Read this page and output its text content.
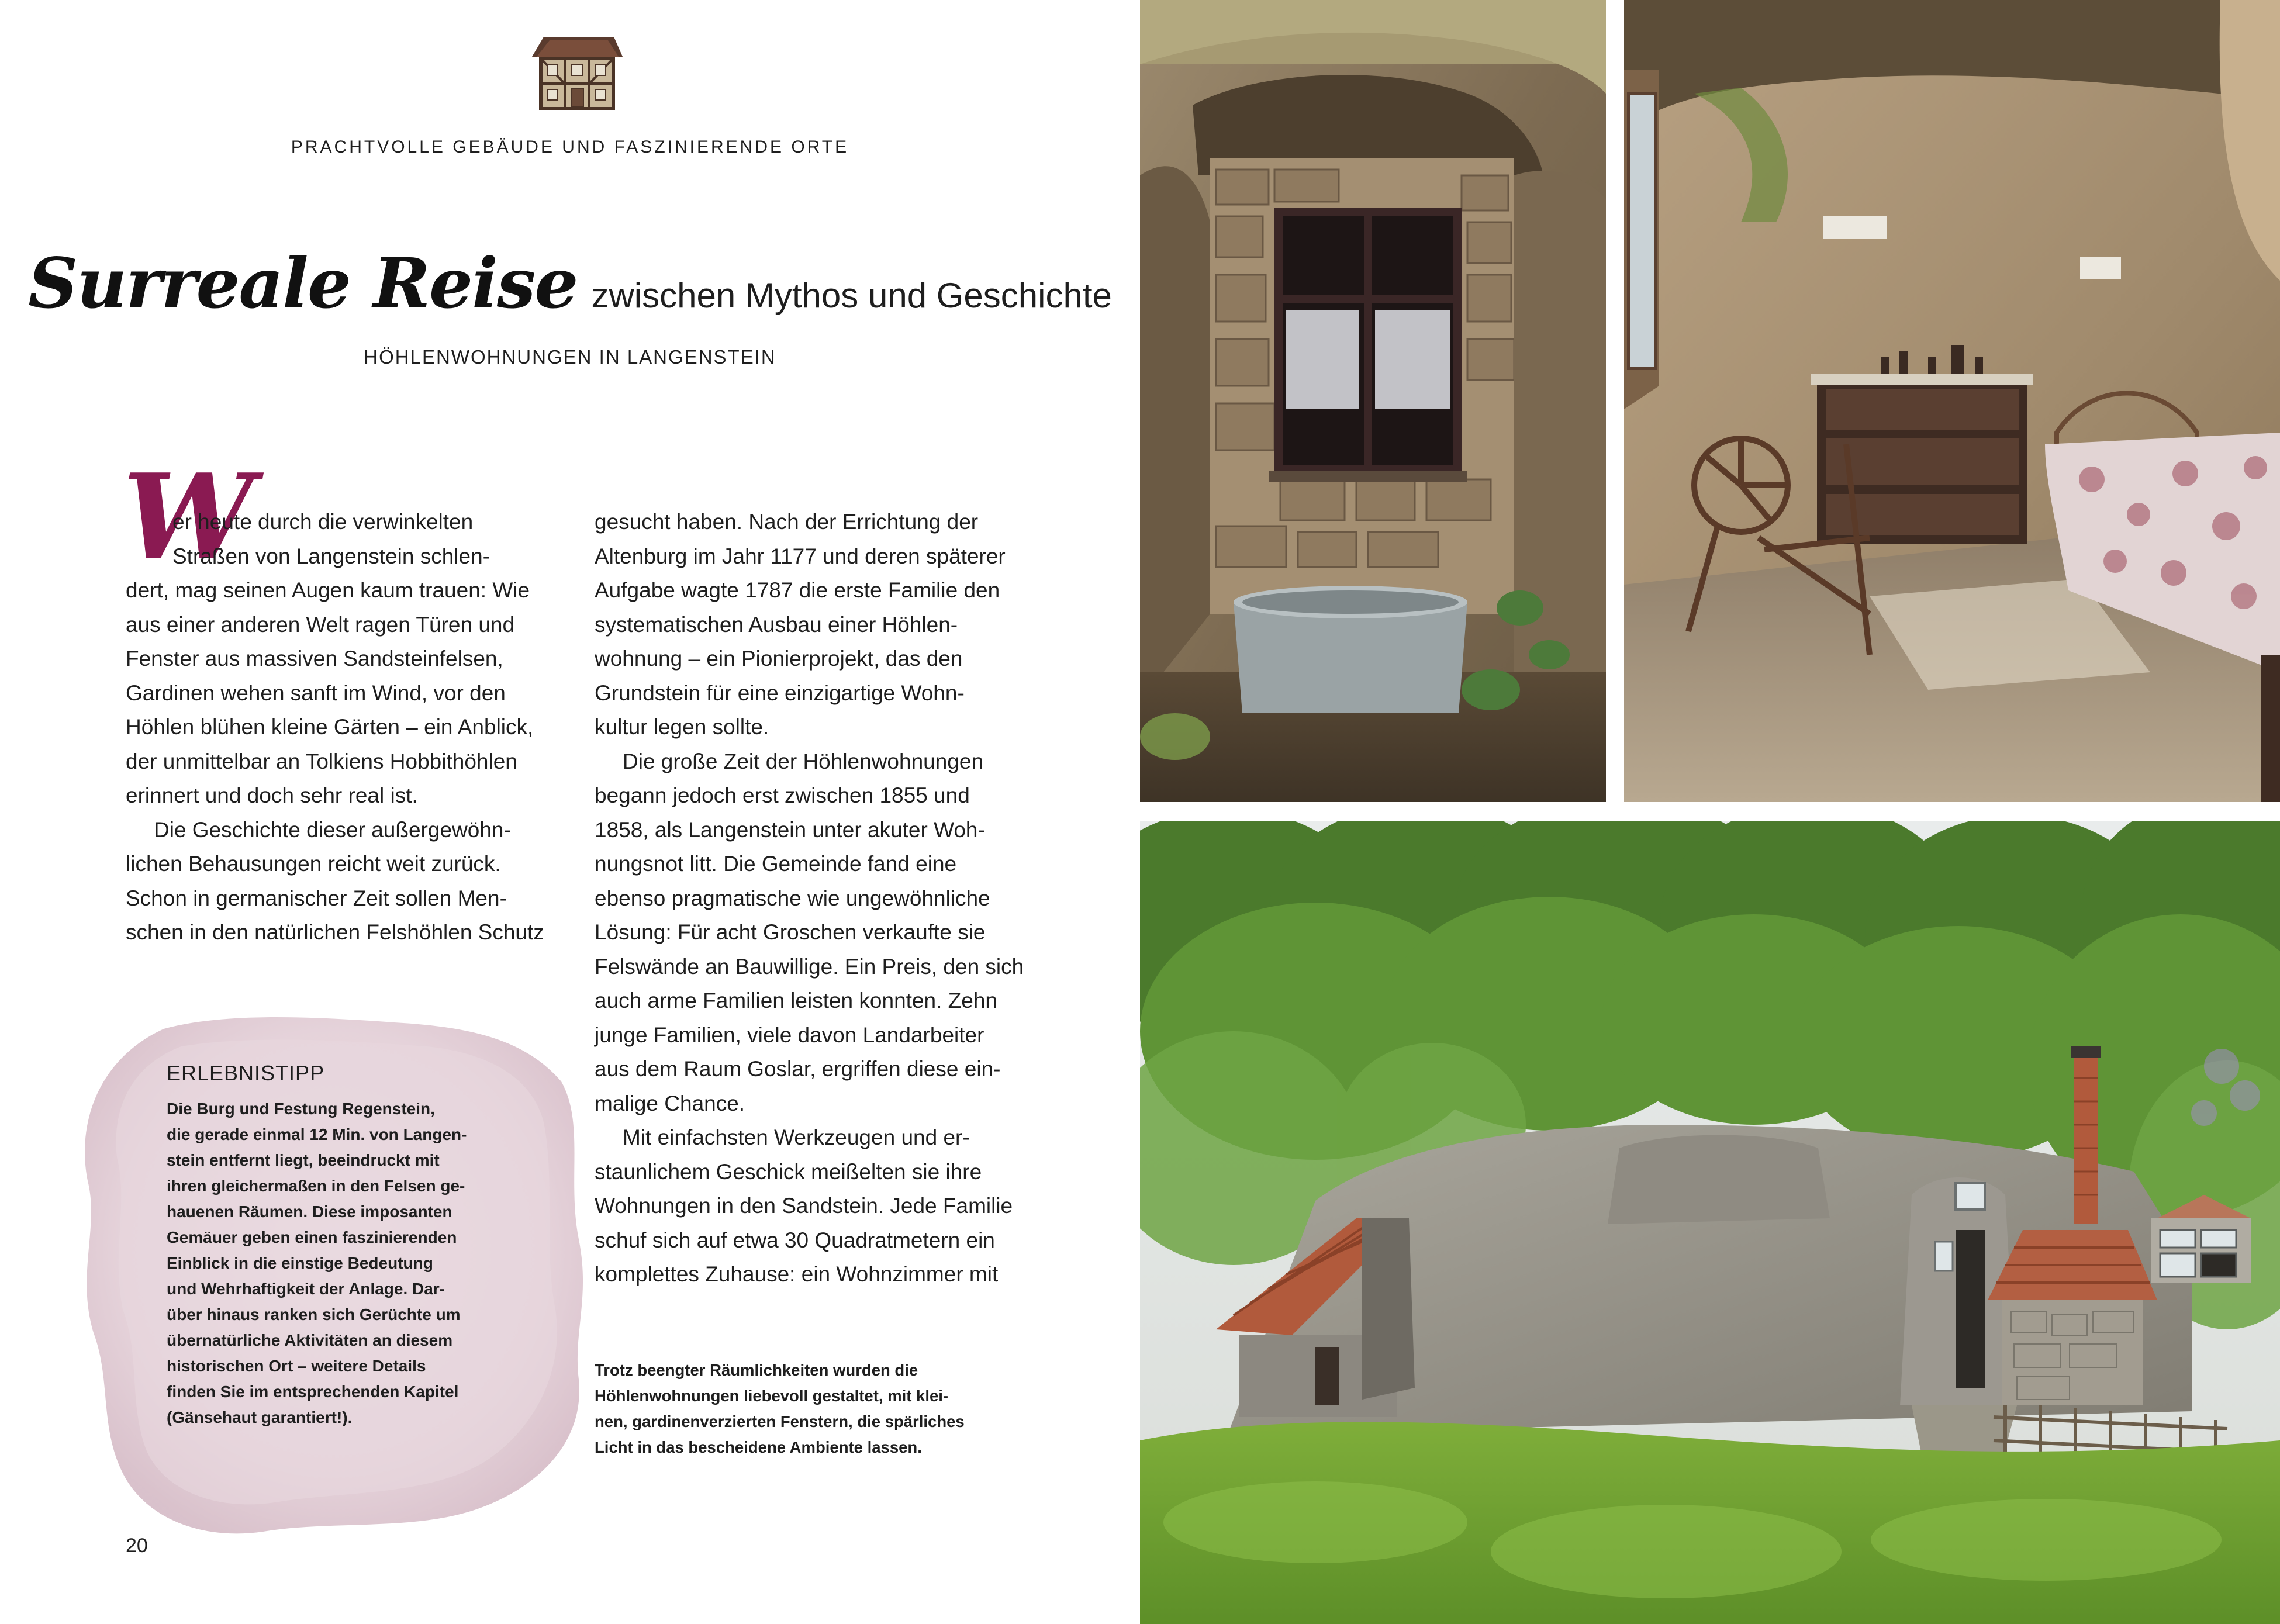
PRACHTVOLLE GEBÄUDE UND FASZINIERENDE ORTE
Surreale Reise zwischen Mythos und Geschichte
HÖHLENWOHNUNGEN IN LANGENSTEIN
W
er heute durch die verwinkelten
Straßen von Langenstein schlen-
dert, mag seinen Augen kaum trauen: Wie
aus einer anderen Welt ragen Türen und
Fenster aus massiven Sandsteinfelsen,
Gardinen wehen sanft im Wind, vor den
Höhlen blühen kleine Gärten – ein Anblick,
der unmittelbar an Tolkiens Hobbithöhlen
erinnert und doch sehr real ist.
Die Geschichte dieser außergewöhn-
lichen Behausungen reicht weit zurück.
Schon in germanischer Zeit sollen Men-
schen in den natürlichen Felshöhlen Schutz
gesucht haben. Nach der Errichtung der
Altenburg im Jahr 1177 und deren späterer
Aufgabe wagte 1787 die erste Familie den
systematischen Ausbau einer Höhlen-
wohnung – ein Pionierprojekt, das den
Grundstein für eine einzigartige Wohn-
kultur legen sollte.
Die große Zeit der Höhlenwohnungen
begann jedoch erst zwischen 1855 und
1858, als Langenstein unter akuter Woh-
nungsnot litt. Die Gemeinde fand eine
ebenso pragmatische wie ungewöhnliche
Lösung: Für acht Groschen verkaufte sie
Felswände an Bauwillige. Ein Preis, den sich
auch arme Familien leisten konnten. Zehn
junge Familien, viele davon Landarbeiter
aus dem Raum Goslar, ergriffen diese ein-
malige Chance.
Mit einfachsten Werkzeugen und er-
staunlichem Geschick meißelten sie ihre
Wohnungen in den Sandstein. Jede Familie
schuf sich auf etwa 30 Quadratmetern ein
komplettes Zuhause: ein Wohnzimmer mit
ERLEBNISTIPP
Die Burg und Festung Regenstein,
die gerade einmal 12 Min. von Langen-
stein entfernt liegt, beeindruckt mit
ihren gleichermaßen in den Felsen ge-
hauenen Räumen. Diese imposanten
Gemäuer geben einen faszinierenden
Einblick in die einstige Bedeutung
und Wehrhaftigkeit der Anlage. Dar-
über hinaus ranken sich Gerüchte um
übernatürliche Aktivitäten an diesem
historischen Ort – weitere Details
finden Sie im entsprechenden Kapitel
(Gänsehaut garantiert!).
Trotz beengter Räumlichkeiten wurden die
Höhlenwohnungen liebevoll gestaltet, mit klei-
nen, gardinenverzierten Fenstern, die spärliches
Licht in das bescheidene Ambiente lassen.
20
